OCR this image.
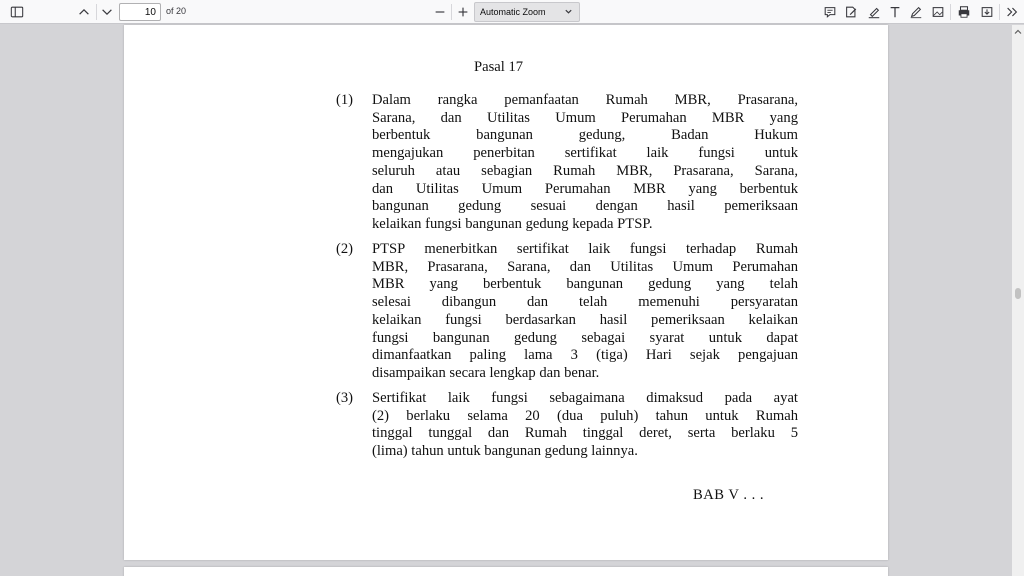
10
of 20	Automatic Zoom
Pasal 17
(1) Dalam rangka pemanfaatan Rumah MBR, Prasarana,
Sarana, dan Utilitas Umum Perumahan MBR yang
berbentuk bangunan gedung, Badan Hukum
mengajukan penerbitan sertifikat laik fungsi untuk
seluruh atau sebagian Rumah MBR, Prasarana, Sarana,
dan Utilitas Umum Perumahan MBR yang berbentuk
bangunan gedung sesuai dengan hasil pemeriksaan
kelaikan fungsi bangunan gedung kepada PTSP.
(2) PTSP menerbitkan sertifikat laik fungsi terhadap Rumah
MBR, Prasarana, Sarana, dan Utilitas Umum Perumahan
MBR yang berbentuk bangunan gedung yang telah
selesai dibangun dan telah memenuhi persyaratan
kelaikan fungsi berdasarkan hasil pemeriksaan kelaikan
fungsi bangunan gedung sebagai syarat untuk dapat
dimanfaatkan paling lama 3 (tiga) Hari sejak pengajuan
disampaikan secara lengkap dan benar.
(3) Sertifikat laik fungsi sebagaimana dimaksud pada ayat
(2) berlaku selama 20 (dua puluh) tahun untuk Rumah
tinggal tunggal dan Rumah tinggal deret, serta berlaku 5
(lima) tahun untuk bangunan gedung lainnya.
BAB V . . .
